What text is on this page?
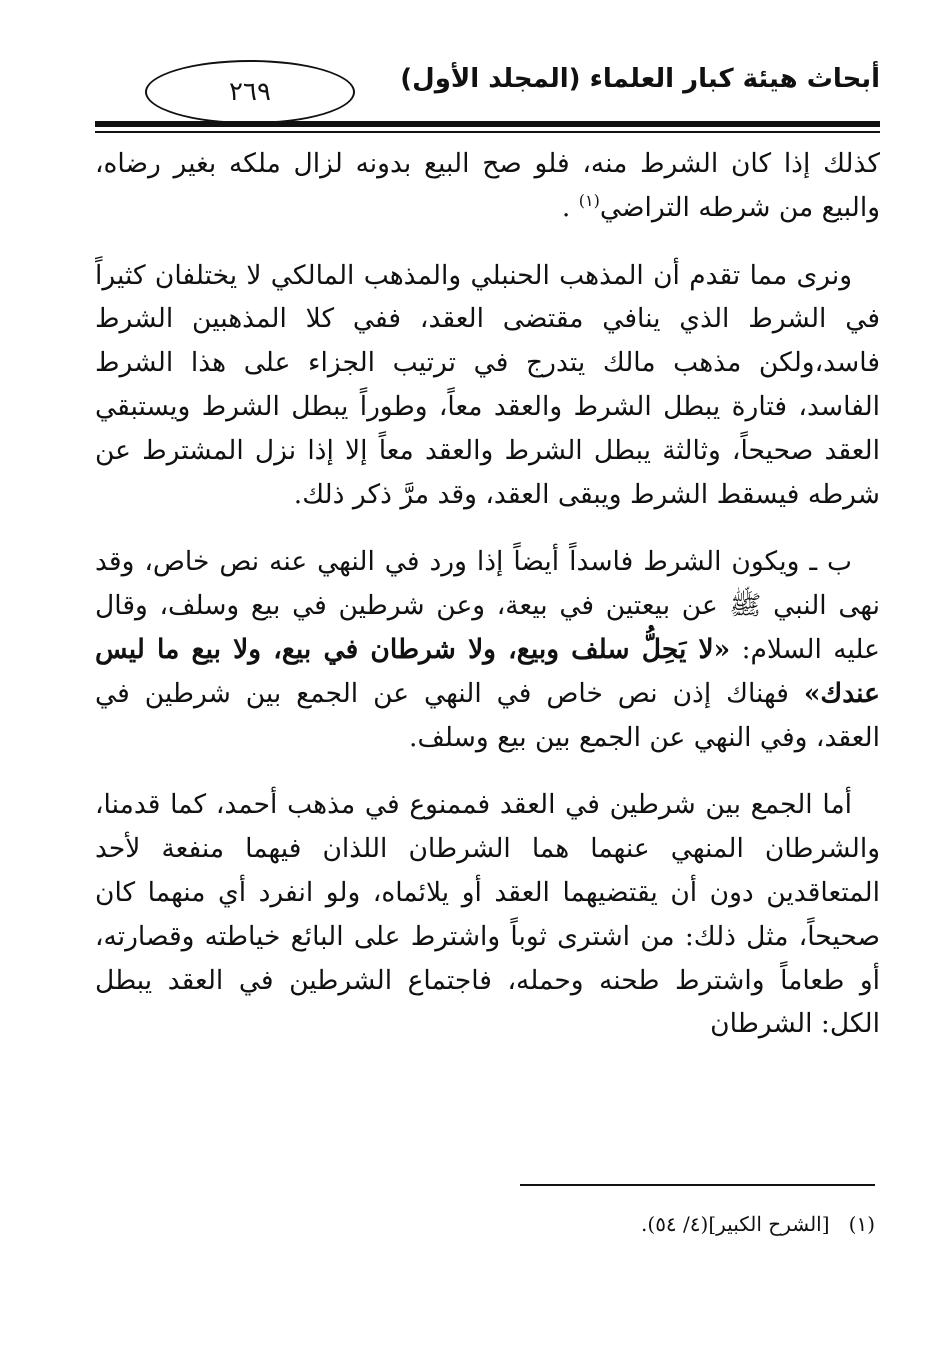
أبحاث هيئة كبار العلماء (المجلد الأول)
٢٦٩

كذلك إذا كان الشرط منه، فلو صح البيع بدونه لزال ملكه بغير رضاه، والبيع من شرطه التراضي$^{(١)}$ .

ونرى مما تقدم أن المذهب الحنبلي والمذهب المالكي لا يختلفان كثيراً في الشرط الذي ينافي مقتضى العقد، ففي كلا المذهبين الشرط فاسد،ولكن مذهب مالك يتدرج في ترتيب الجزاء على هذا الشرط الفاسد، فتارة يبطل الشرط والعقد معاً، وطوراً يبطل الشرط ويستبقي العقد صحيحاً، وثالثة يبطل الشرط والعقد معاً إلا إذا نزل المشترط عن شرطه فيسقط الشرط ويبقى العقد، وقد مرَّ ذكر ذلك.

ب ـ ويكون الشرط فاسداً أيضاً إذا ورد في النهي عنه نص خاص، وقد نهى النبي ﷺ عن بيعتين في بيعة، وعن شرطين في بيع وسلف، وقال عليه السلام: «لا يَحِلُّ سلف وبيع، ولا شرطان في بيع، ولا بيع ما ليس عندك» فهناك إذن نص خاص في النهي عن الجمع بين شرطين في العقد، وفي النهي عن الجمع بين بيع وسلف.

أما الجمع بين شرطين في العقد فممنوع في مذهب أحمد، كما قدمنا، والشرطان المنهي عنهما هما الشرطان اللذان فيهما منفعة لأحد المتعاقدين دون أن يقتضيهما العقد أو يلائماه، ولو انفرد أي منهما كان صحيحاً، مثل ذلك: من اشترى ثوباً واشترط على البائع خياطته وقصارته، أو طعاماً واشترط طحنه وحمله، فاجتماع الشرطين في العقد يبطل الكل: الشرطان

(١)   [الشرح الكبير](٤/ ٥٤).
